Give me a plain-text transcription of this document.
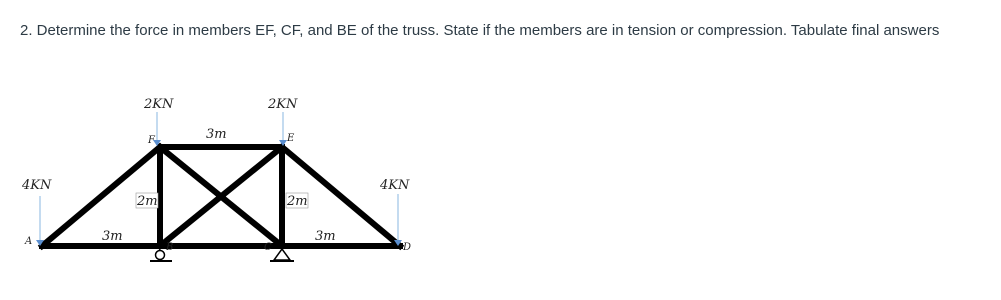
2. Determine the force in members EF, CF, and BE of the truss. State if the members are in tension or compression. Tabulate final answers
4KN
2KN	2KN
4KN
3m
3m	3m
2m	2m
A
B	C	D
E
F
